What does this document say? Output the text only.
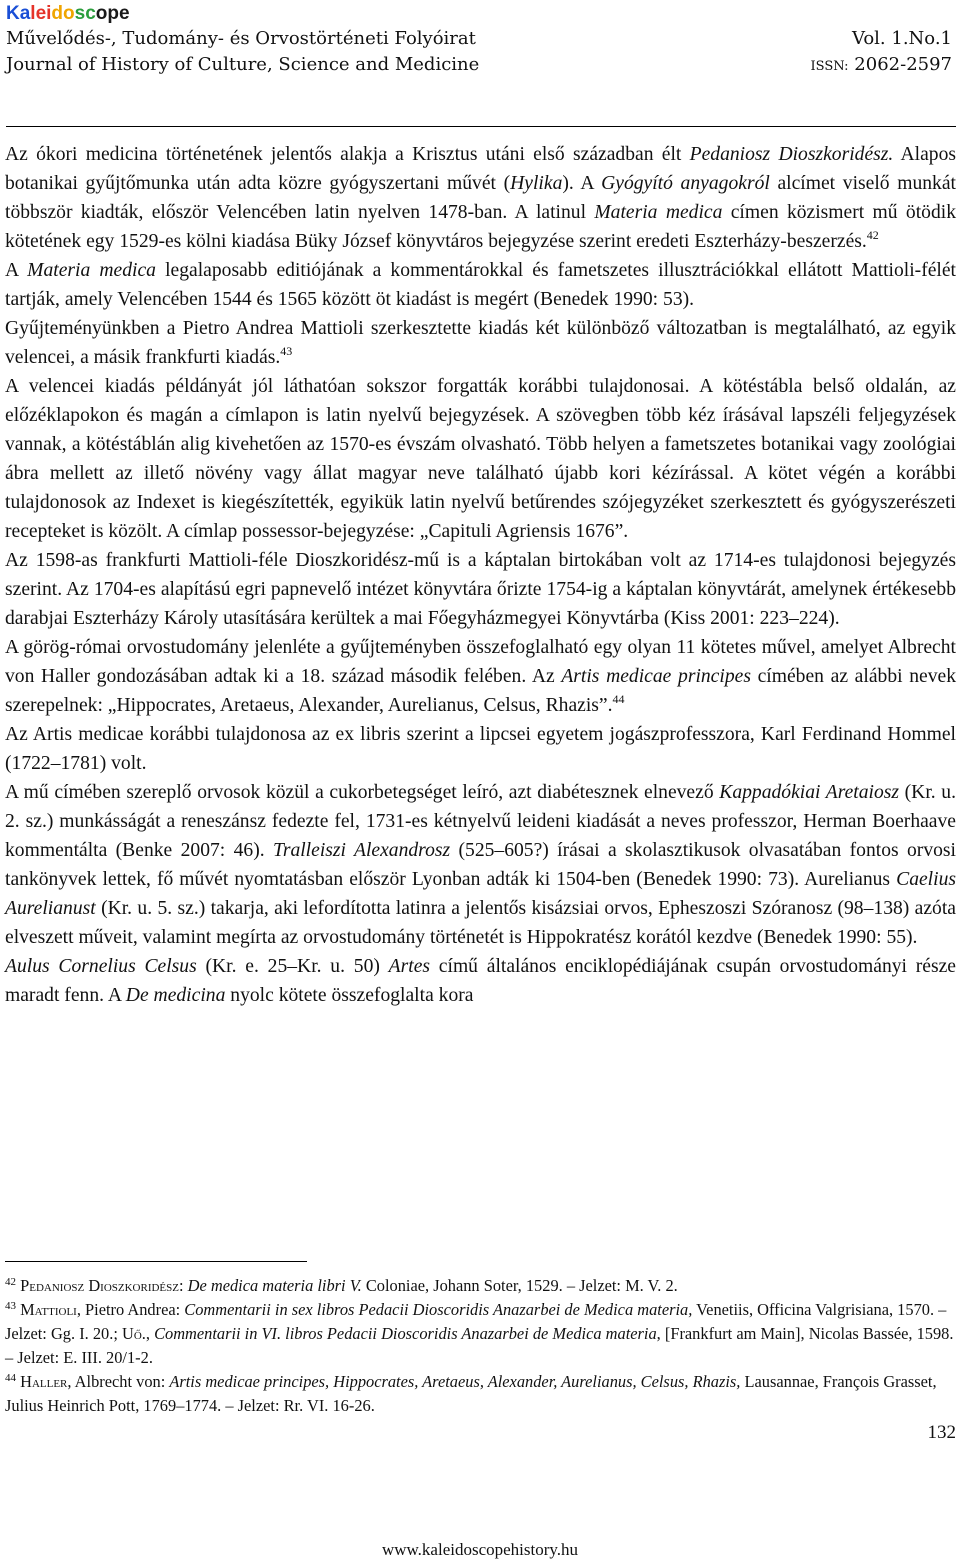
Kaleidoscope
Művelődés-, Tudomány- és Orvostörténeti Folyóirat	Vol. 1.No.1
Journal of History of Culture, Science and Medicine	ISSN: 2062-2597

Az ókori medicina történetének jelentős alakja a Krisztus utáni első században élt Pedaniosz Dioszkoridész. Alapos botanikai gyűjtőmunka után adta közre gyógyszertani művét (Hylika). A Gyógyító anyagokról alcímet viselő munkát többször kiadták, először Velencében latin nyelven 1478-ban. A latinul Materia medica címen közismert mű ötödik kötetének egy 1529-es kölni kiadása Büky József könyvtáros bejegyzése szerint eredeti Eszterházy-beszerzés.$^{42}$

A Materia medica legalaposabb editiójának a kommentárokkal és fametszetes illusztrációkkal ellátott Mattioli-félét tartják, amely Velencében 1544 és 1565 között öt kiadást is megért (Benedek 1990: 53).

Gyűjteményünkben a Pietro Andrea Mattioli szerkesztette kiadás két különböző változatban is megtalálható, az egyik velencei, a másik frankfurti kiadás.$^{43}$

A velencei kiadás példányát jól láthatóan sokszor forgatták korábbi tulajdonosai. A kötéstábla belső oldalán, az előzéklapokon és magán a címlapon is latin nyelvű bejegyzések. A szövegben több kéz írásával lapszéli feljegyzések vannak, a kötéstáblán alig kivehetően az 1570-es évszám olvasható. Több helyen a fametszetes botanikai vagy zoológiai ábra mellett az illető növény vagy állat magyar neve található újabb kori kézírással. A kötet végén a korábbi tulajdonosok az Indexet is kiegészítették, egyikük latin nyelvű betűrendes szójegyzéket szerkesztett és gyógyszerészeti recepteket is közölt. A címlap possessor-bejegyzése: „Capituli Agriensis 1676”.

Az 1598-as frankfurti Mattioli-féle Dioszkoridész-mű is a káptalan birtokában volt az 1714-es tulajdonosi bejegyzés szerint. Az 1704-es alapítású egri papnevelő intézet könyvtára őrizte 1754-ig a káptalan könyvtárát, amelynek értékesebb darabjai Eszterházy Károly utasítására kerültek a mai Főegyházmegyei Könyvtárba (Kiss 2001: 223–224).

A görög-római orvostudomány jelenléte a gyűjteményben összefoglalható egy olyan 11 kötetes művel, amelyet Albrecht von Haller gondozásában adtak ki a 18. század második felében. Az Artis medicae principes címében az alábbi nevek szerepelnek: „Hippocrates, Aretaeus, Alexander, Aurelianus, Celsus, Rhazis”.$^{44}$

Az Artis medicae korábbi tulajdonosa az ex libris szerint a lipcsei egyetem jogászprofesszora, Karl Ferdinand Hommel (1722–1781) volt.

A mű címében szereplő orvosok közül a cukorbetegséget leíró, azt diabétesznek elnevező Kappadókiai Aretaiosz (Kr. u. 2. sz.) munkásságát a reneszánsz fedezte fel, 1731-es kétnyelvű leideni kiadását a neves professzor, Herman Boerhaave kommentálta (Benke 2007: 46). Tralleiszi Alexandrosz (525–605?) írásai a skolasztikusok olvasatában fontos orvosi tankönyvek lettek, fő művét nyomtatásban először Lyonban adták ki 1504-ben (Benedek 1990: 73). Aurelianus Caelius Aurelianust (Kr. u. 5. sz.) takarja, aki lefordította latinra a jelentős kisázsiai orvos, Epheszoszi Szóranosz (98–138) azóta elveszett műveit, valamint megírta az orvostudomány történetét is Hippokratész korától kezdve (Benedek 1990: 55).

Aulus Cornelius Celsus (Kr. e. 25–Kr. u. 50) Artes című általános enciklopédiájának csupán orvostudományi része maradt fenn. A De medicina nyolc kötete összefoglalta kora

$^{42}$ Pedaniosz Dioszkoridész: De medica materia libri V. Coloniae, Johann Soter, 1529. – Jelzet: M. V. 2.

$^{43}$ Mattioli, Pietro Andrea: Commentarii in sex libros Pedacii Dioscoridis Anazarbei de Medica materia, Venetiis, Officina Valgrisiana, 1570. – Jelzet: Gg. I. 20.; Uő., Commentarii in VI. libros Pedacii Dioscoridis Anazarbei de Medica materia, [Frankfurt am Main], Nicolas Bassée, 1598. – Jelzet: E. III. 20/1-2.

$^{44}$ Haller, Albrecht von: Artis medicae principes, Hippocrates, Aretaeus, Alexander, Aurelianus, Celsus, Rhazis, Lausannae, François Grasset, Julius Heinrich Pott, 1769–1774. – Jelzet: Rr. VI. 16-26.

132
www.kaleidoscopehistory.hu
